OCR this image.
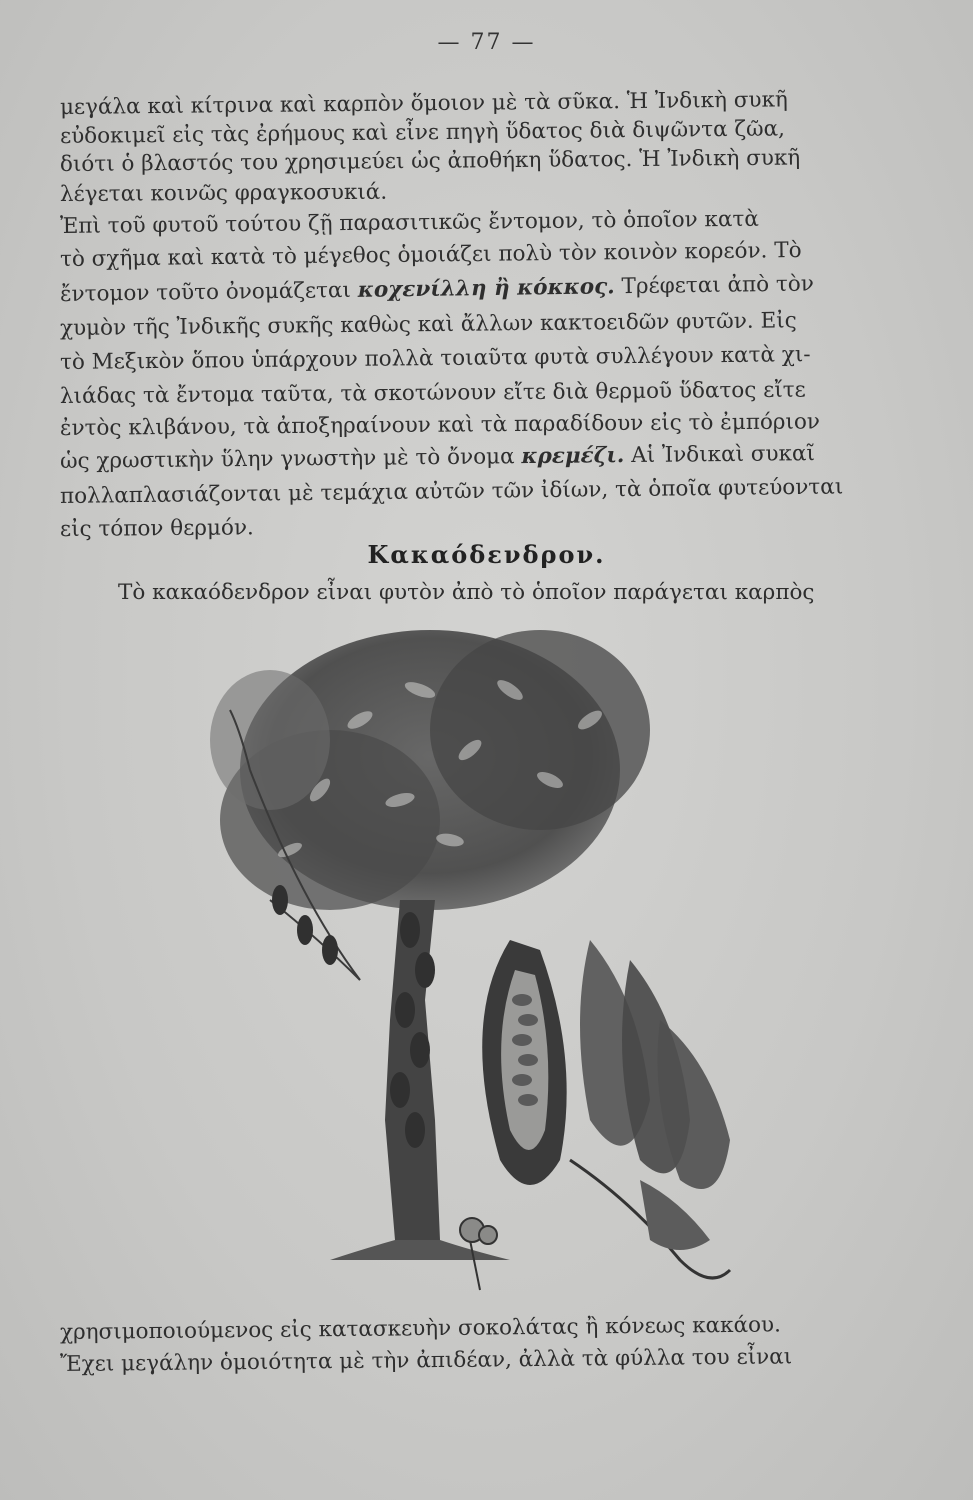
— 77 —
μεγάλα καὶ κίτρινα καὶ καρπὸν ὅμοιον μὲ τὰ σῦκα. Ἡ Ἰνδικὴ συκῆ
εὐδοκιμεῖ εἰς τὰς ἐρήμους καὶ εἶνε πηγὴ ὕδατος διὰ διψῶντα ζῶα,
διότι ὁ βλαστός του χρησιμεύει ὡς ἀποθήκη ὕδατος. Ἡ Ἰνδικὴ συκῆ
λέγεται κοινῶς φραγκοσυκιά.
Ἐπὶ τοῦ φυτοῦ τούτου ζῇ παρασιτικῶς ἔντομον, τὸ ὁποῖον κατὰ
τὸ σχῆμα καὶ κατὰ τὸ μέγεθος ὁμοιάζει πολὺ τὸν κοινὸν κορεόν. Τὸ
ἔντομον τοῦτο ὀνομάζεται κοχενίλλη ἢ κόκκος. Τρέφεται ἀπὸ τὸν
χυμὸν τῆς Ἰνδικῆς συκῆς καθὼς καὶ ἄλλων κακτοειδῶν φυτῶν. Εἰς
τὸ Μεξικὸν ὅπου ὑπάρχουν πολλὰ τοιαῦτα φυτὰ συλλέγουν κατὰ χι-
λιάδας τὰ ἔντομα ταῦτα, τὰ σκοτώνουν εἴτε διὰ θερμοῦ ὕδατος εἴτε
ἐντὸς κλιβάνου, τὰ ἀποξηραίνουν καὶ τὰ παραδίδουν εἰς τὸ ἐμπόριον
ὡς χρωστικὴν ὕλην γνωστὴν μὲ τὸ ὄνομα κρεμέζι. Αἱ Ἰνδικαὶ συκαῖ
πολλαπλασιάζονται μὲ τεμάχια αὐτῶν τῶν ἰδίων, τὰ ὁποῖα φυτεύονται
εἰς τόπον θερμόν.
Κακαόδενδρον.
Τὸ κακαόδενδρον εἶναι φυτὸν ἀπὸ τὸ ὁποῖον παράγεται καρπὸς
χρησιμοποιούμενος εἰς κατασκευὴν σοκολάτας ἢ κόνεως κακάου.
Ἔχει μεγάλην ὁμοιότητα μὲ τὴν ἀπιδέαν, ἀλλὰ τὰ φύλλα του εἶναι
